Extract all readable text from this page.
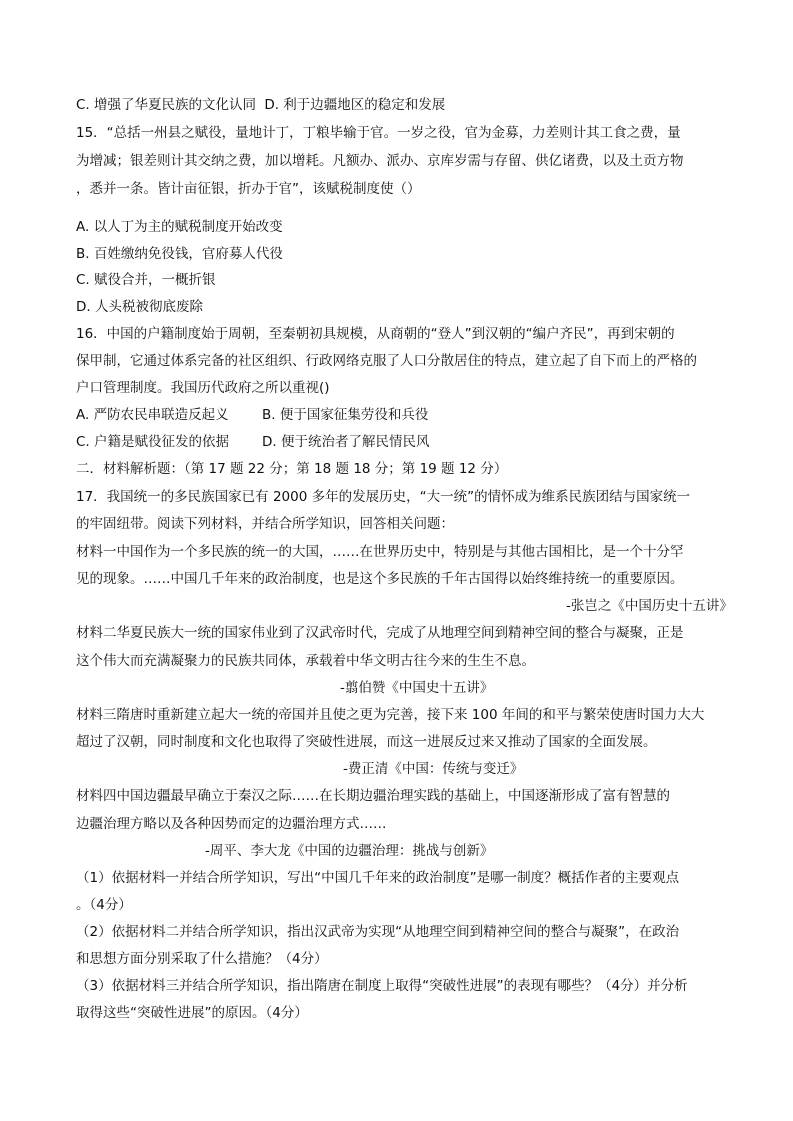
C. 增强了华夏民族的文化认同 D. 利于边疆地区的稳定和发展
15．“总括一州县之赋役，量地计丁，丁粮毕输于官。一岁之役，官为金募，力差则计其工食之费，量
为增减；银差则计其交纳之费，加以增耗。凡额办、派办、京库岁需与存留、供亿诸费，以及土贡方物
，悉并一条。皆计亩征银，折办于官”，该赋税制度使（）
A. 以人丁为主的赋税制度开始改变
B. 百姓缴纳免役钱，官府募人代役
C. 赋役合并，一概折银
D. 人头税被彻底废除
16．中国的户籍制度始于周朝，至秦朝初具规模，从商朝的“登人”到汉朝的“编户齐民”，再到宋朝的
保甲制，它通过体系完备的社区组织、行政网络克服了人口分散居住的特点，建立起了自下而上的严格的
户口管理制度。我国历代政府之所以重视()
A. 严防农民串联造反起义 B. 便于国家征集劳役和兵役
C. 户籍是赋役征发的依据 D. 便于统治者了解民情民风
二．材料解析题：（第 17 题 22 分；第 18 题 18 分；第 19 题 12 分）
17．我国统一的多民族国家已有 2000 多年的发展历史，“大一统”的情怀成为维系民族团结与国家统一
的牢固纽带。阅读下列材料，并结合所学知识，回答相关问题：
材料一中国作为一个多民族的统一的大国，……在世界历史中，特别是与其他古国相比，是一个十分罕
见的现象。……中国几千年来的政治制度，也是这个多民族的千年古国得以始终维持统一的重要原因。
-张岂之《中国历史十五讲》
材料二华夏民族大一统的国家伟业到了汉武帝时代，完成了从地理空间到精神空间的整合与凝聚，正是
这个伟大而充满凝聚力的民族共同体，承载着中华文明古往今来的生生不息。
-翦伯赞《中国史十五讲》
材料三隋唐时重新建立起大一统的帝国并且使之更为完善，接下来 100 年间的和平与繁荣使唐时国力大大
超过了汉朝，同时制度和文化也取得了突破性进展，而这一进展反过来又推动了国家的全面发展。
-费正清《中国：传统与变迁》
材料四中国边疆最早确立于秦汉之际……在长期边疆治理实践的基础上，中国逐渐形成了富有智慧的
边疆治理方略以及各种因势而定的边疆治理方式……
-周平、李大龙《中国的边疆治理：挑战与创新》
（1）依据材料一并结合所学知识，写出“中国几千年来的政治制度”是哪一制度？概括作者的主要观点
。（4分）
（2）依据材料二并结合所学知识，指出汉武帝为实现“从地理空间到精神空间的整合与凝聚”，在政治
和思想方面分别采取了什么措施？（4分）
（3）依据材料三并结合所学知识，指出隋唐在制度上取得“突破性进展”的表现有哪些？（4分）并分析
取得这些“突破性进展”的原因。（4分）
